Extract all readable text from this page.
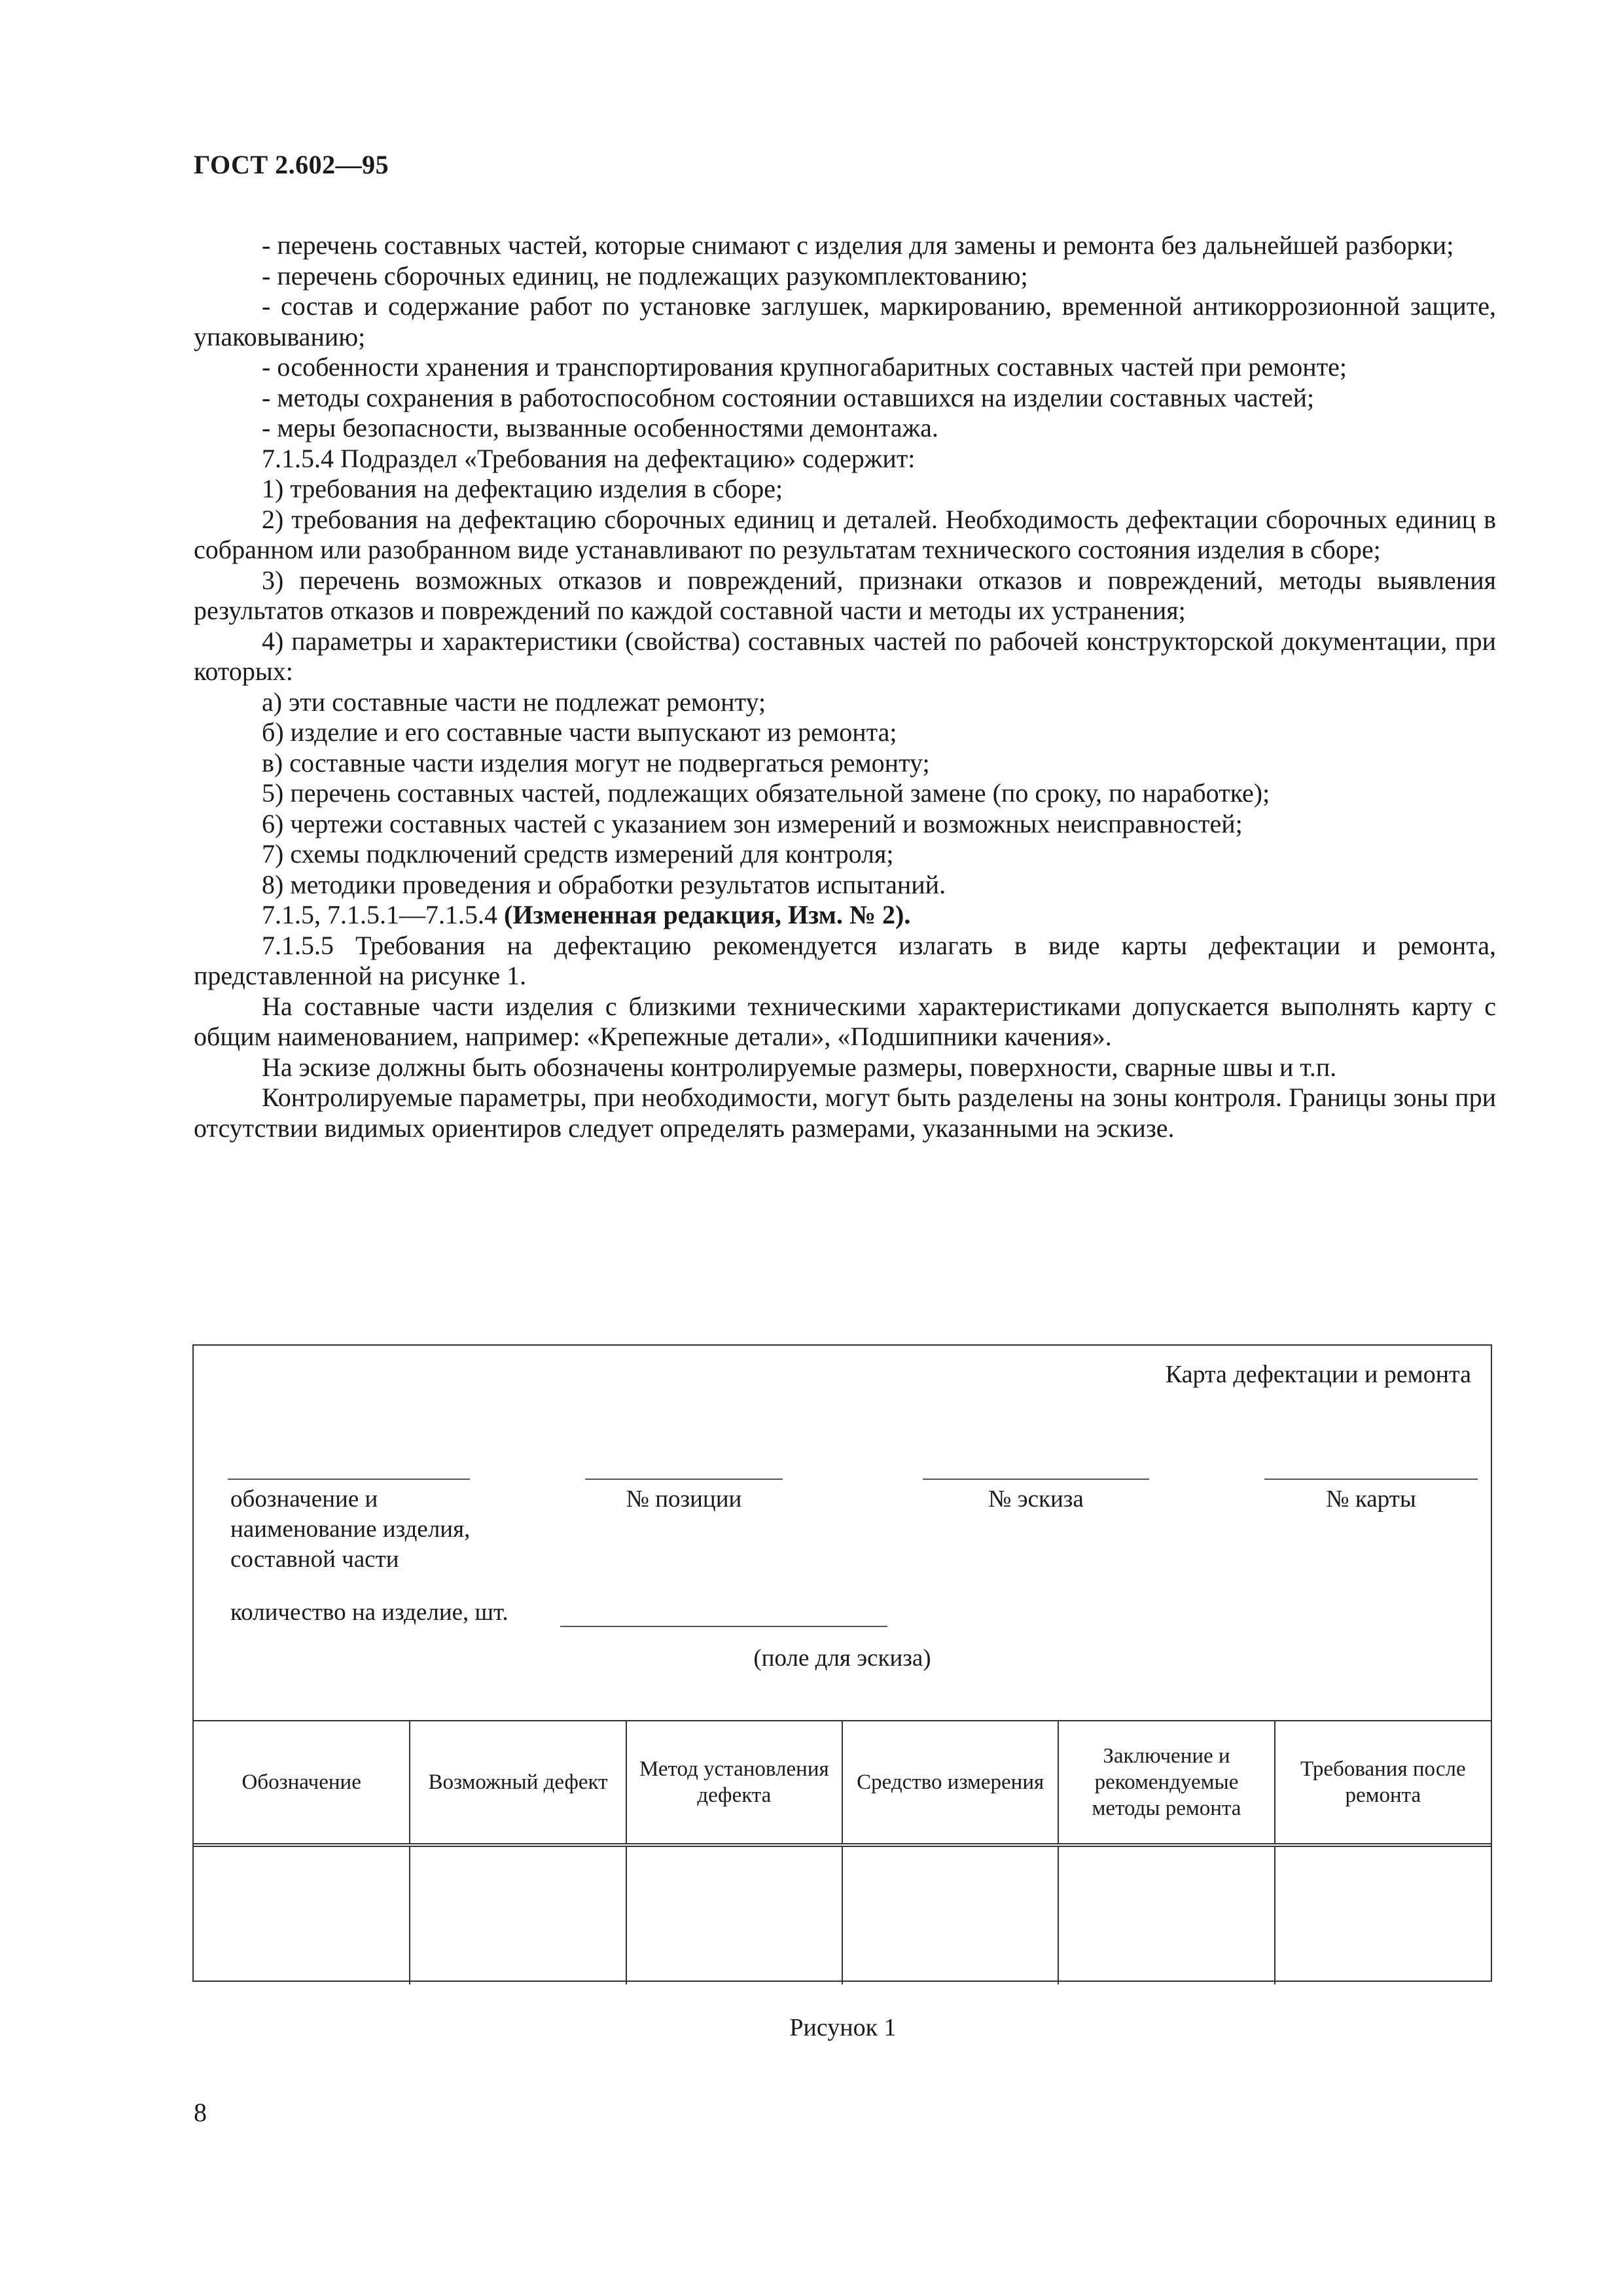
ГОСТ 2.602—95

- перечень составных частей, которые снимают с изделия для замены и ремонта без дальнейшей разборки;

- перечень сборочных единиц, не подлежащих разукомплектованию;

- состав и содержание работ по установке заглушек, маркированию, временной антикоррозионной защите, упаковыванию;

- особенности хранения и транспортирования крупногабаритных составных частей при ремонте;

- методы сохранения в работоспособном состоянии оставшихся на изделии составных частей;

- меры безопасности, вызванные особенностями демонтажа.

7.1.5.4 Подраздел «Требования на дефектацию» содержит:

1) требования на дефектацию изделия в сборе;

2) требования на дефектацию сборочных единиц и деталей. Необходимость дефектации сборочных единиц в собранном или разобранном виде устанавливают по результатам технического состояния изделия в сборе;

3) перечень возможных отказов и повреждений, признаки отказов и повреждений, методы выявления результатов отказов и повреждений по каждой составной части и методы их устранения;

4) параметры и характеристики (свойства) составных частей по рабочей конструкторской документации, при которых:

а) эти составные части не подлежат ремонту;

б) изделие и его составные части выпускают из ремонта;

в) составные части изделия могут не подвергаться ремонту;

5) перечень составных частей, подлежащих обязательной замене (по сроку, по наработке);

6) чертежи составных частей с указанием зон измерений и возможных неисправностей;

7) схемы подключений средств измерений для контроля;

8) методики проведения и обработки результатов испытаний.

7.1.5, 7.1.5.1—7.1.5.4 (Измененная редакция, Изм. № 2).

7.1.5.5 Требования на дефектацию рекомендуется излагать в виде карты дефектации и ремонта, представленной на рисунке 1.

На составные части изделия с близкими техническими характеристиками допускается выполнять карту с общим наименованием, например: «Крепежные детали», «Подшипники качения».

На эскизе должны быть обозначены контролируемые размеры, поверхности, сварные швы и т.п.

Контролируемые параметры, при необходимости, могут быть разделены на зоны контроля. Границы зоны при отсутствии видимых ориентиров следует определять размерами, указанными на эскизе.

Карта дефектации и ремонта
обозначение и наименование изделия, составной части
№ позиции	№ эскиза	№ карты
количество на изделие, шт.
(поле для эскиза)
Обозначение	Возможный дефект	Метод установления дефекта	Средство измерения	Заключение и рекомендуемые методы ремонта	Требования после ремонта

Рисунок 1
8
